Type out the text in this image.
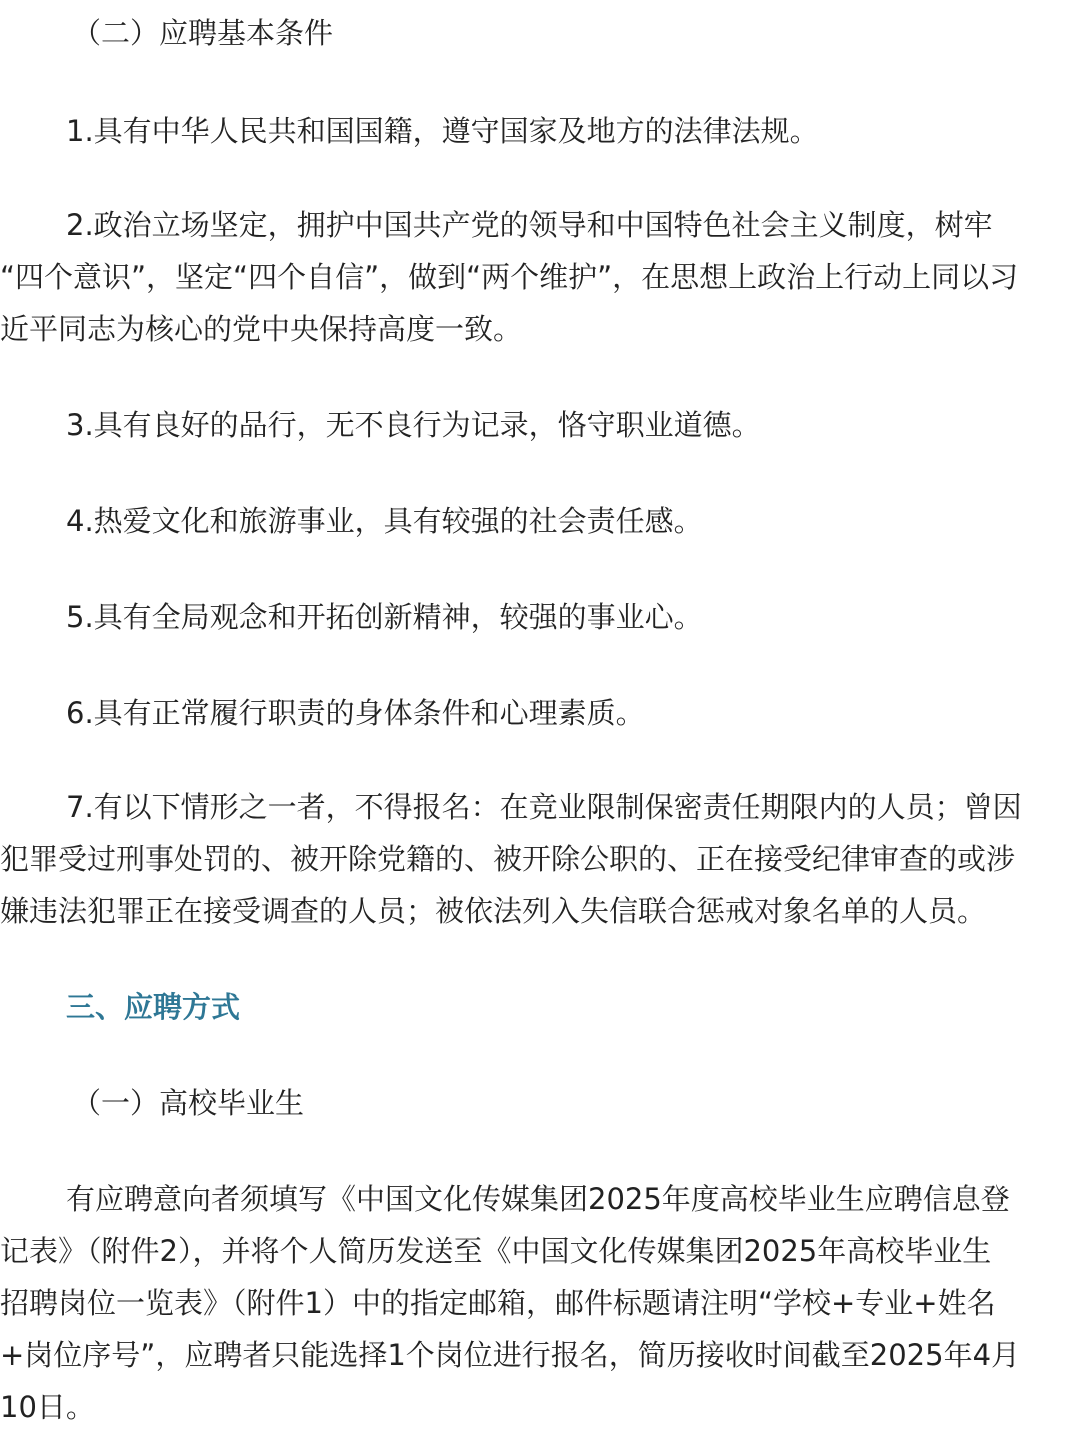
（二）应聘基本条件
1.具有中华人民共和国国籍，遵守国家及地方的法律法规。
2.政治立场坚定，拥护中国共产党的领导和中国特色社会主义制度，树牢
“四个意识”，坚定“四个自信”，做到“两个维护”，在思想上政治上行动上同以习
近平同志为核心的党中央保持高度一致。
3.具有良好的品行，无不良行为记录，恪守职业道德。
4.热爱文化和旅游事业，具有较强的社会责任感。
5.具有全局观念和开拓创新精神，较强的事业心。
6.具有正常履行职责的身体条件和心理素质。
7.有以下情形之一者，不得报名：在竞业限制保密责任期限内的人员；曾因
犯罪受过刑事处罚的、被开除党籍的、被开除公职的、正在接受纪律审查的或涉
嫌违法犯罪正在接受调查的人员；被依法列入失信联合惩戒对象名单的人员。
三、应聘方式
（一）高校毕业生
有应聘意向者须填写《中国文化传媒集团2025年度高校毕业生应聘信息登
记表》（附件2），并将个人简历发送至《中国文化传媒集团2025年高校毕业生
招聘岗位一览表》（附件1）中的指定邮箱，邮件标题请注明“学校+专业+姓名
+岗位序号”，应聘者只能选择1个岗位进行报名，简历接收时间截至2025年4月
10日。
